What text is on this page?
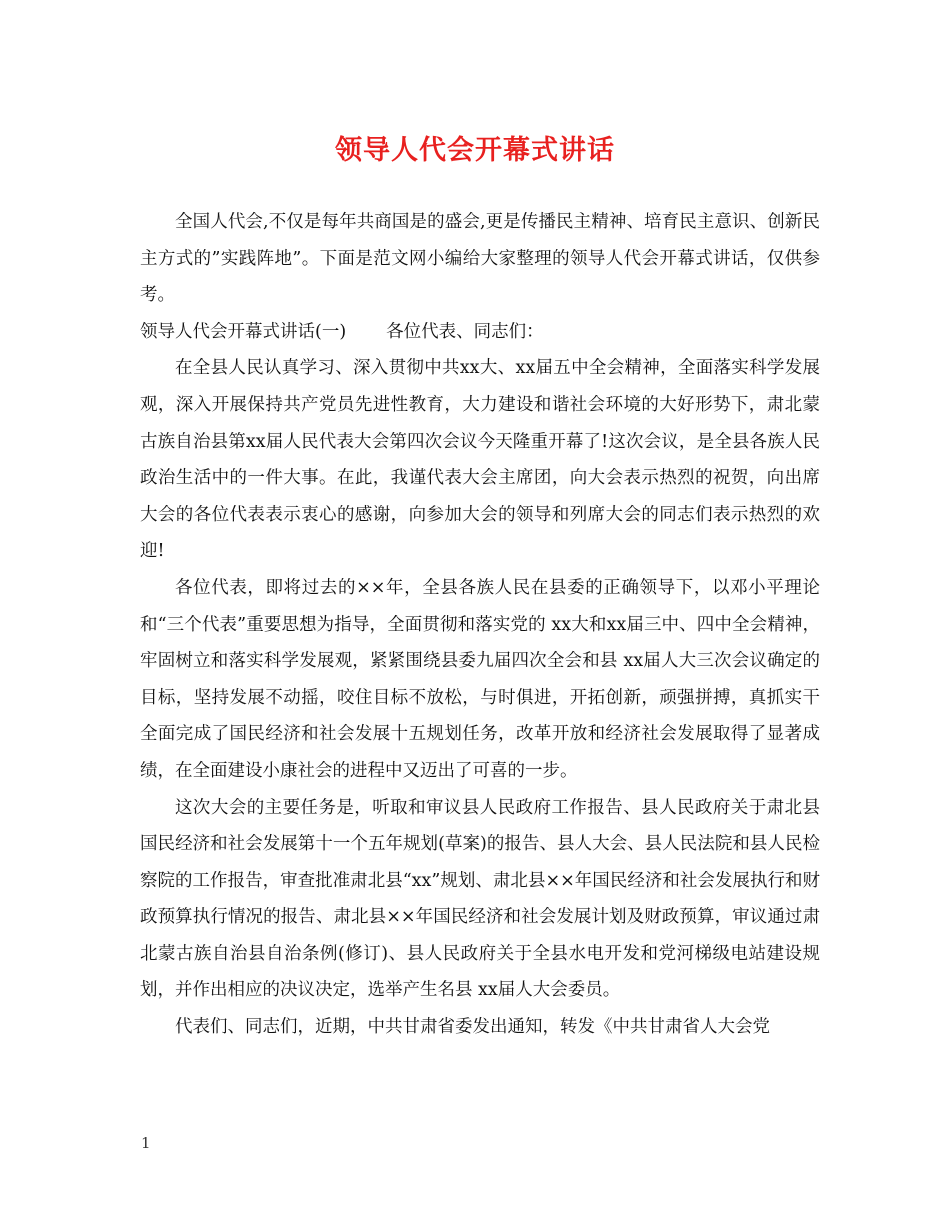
领导人代会开幕式讲话

全国人代会,不仅是每年共商国是的盛会,更是传播民主精神、培育民主意识、创新民主方式的”实践阵地”。下面是范文网小编给大家整理的领导人代会开幕式讲话，仅供参考。

领导人代会开幕式讲话(一) 各位代表、同志们：

在全县人民认真学习、深入贯彻中共xx大、xx届五中全会精神，全面落实科学发展观，深入开展保持共产党员先进性教育，大力建设和谐社会环境的大好形势下，肃北蒙古族自治县第xx届人民代表大会第四次会议今天隆重开幕了!这次会议，是全县各族人民政治生活中的一件大事。在此，我谨代表大会主席团，向大会表示热烈的祝贺，向出席大会的各位代表表示衷心的感谢，向参加大会的领导和列席大会的同志们表示热烈的欢迎!

各位代表，即将过去的××年，全县各族人民在县委的正确领导下，以邓小平理论和“三个代表”重要思想为指导，全面贯彻和落实党的 xx大和xx届三中、四中全会精神，牢固树立和落实科学发展观，紧紧围绕县委九届四次全会和县 xx届人大三次会议确定的目标，坚持发展不动摇，咬住目标不放松，与时俱进，开拓创新，顽强拼搏，真抓实干全面完成了国民经济和社会发展十五规划任务，改革开放和经济社会发展取得了显著成绩，在全面建设小康社会的进程中又迈出了可喜的一步。

这次大会的主要任务是，听取和审议县人民政府工作报告、县人民政府关于肃北县国民经济和社会发展第十一个五年规划(草案)的报告、县人大会、县人民法院和县人民检察院的工作报告，审查批准肃北县“xx”规划、肃北县××年国民经济和社会发展执行和财政预算执行情况的报告、肃北县××年国民经济和社会发展计划及财政预算，审议通过肃北蒙古族自治县自治条例(修订)、县人民政府关于全县水电开发和党河梯级电站建设规划，并作出相应的决议决定，选举产生名县 xx届人大会委员。

代表们、同志们，近期，中共甘肃省委发出通知，转发《中共甘肃省人大会党

1
